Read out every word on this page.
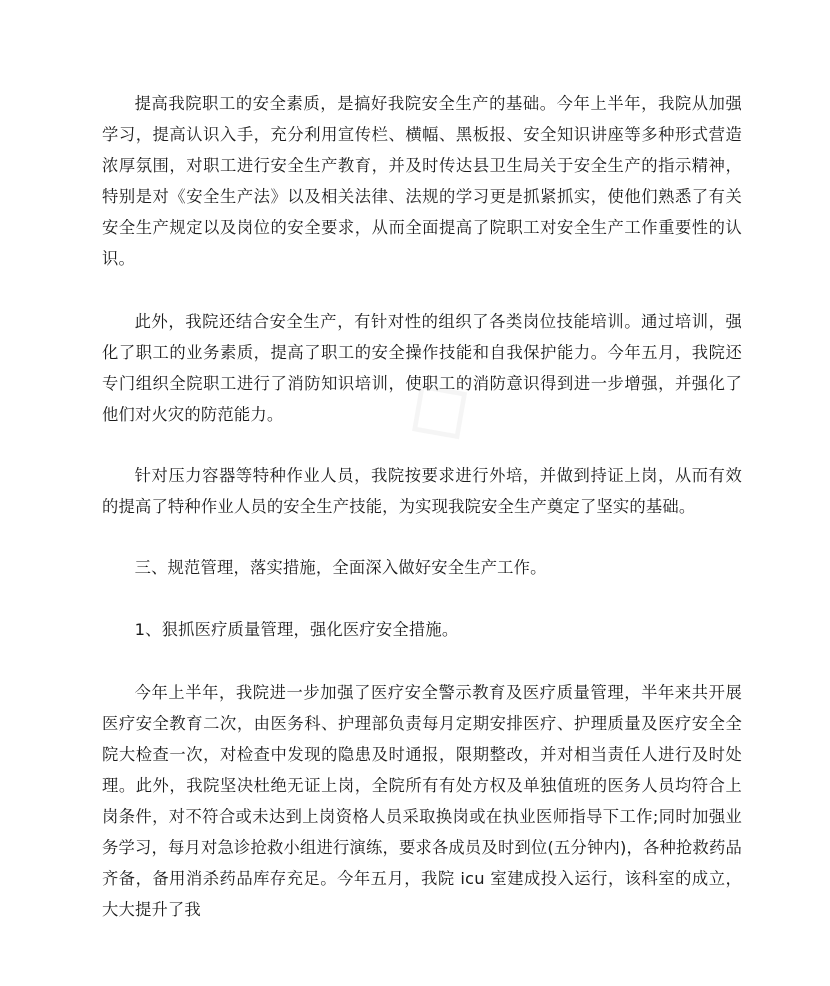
◇

提高我院职工的安全素质，是搞好我院安全生产的基础。今年上半年，我院从加强学习，提高认识入手，充分利用宣传栏、横幅、黑板报、安全知识讲座等多种形式营造浓厚氛围，对职工进行安全生产教育，并及时传达县卫生局关于安全生产的指示精神，特别是对《安全生产法》以及相关法律、法规的学习更是抓紧抓实，使他们熟悉了有关安全生产规定以及岗位的安全要求，从而全面提高了院职工对安全生产工作重要性的认识。

此外，我院还结合安全生产，有针对性的组织了各类岗位技能培训。通过培训，强化了职工的业务素质，提高了职工的安全操作技能和自我保护能力。今年五月，我院还专门组织全院职工进行了消防知识培训，使职工的消防意识得到进一步增强，并强化了他们对火灾的防范能力。

针对压力容器等特种作业人员，我院按要求进行外培，并做到持证上岗，从而有效的提高了特种作业人员的安全生产技能，为实现我院安全生产奠定了坚实的基础。

三、规范管理，落实措施，全面深入做好安全生产工作。

1、狠抓医疗质量管理，强化医疗安全措施。

今年上半年，我院进一步加强了医疗安全警示教育及医疗质量管理，半年来共开展医疗安全教育二次，由医务科、护理部负责每月定期安排医疗、护理质量及医疗安全全院大检查一次，对检查中发现的隐患及时通报，限期整改，并对相当责任人进行及时处理。此外，我院坚决杜绝无证上岗，全院所有有处方权及单独值班的医务人员均符合上岗条件，对不符合或未达到上岗资格人员采取换岗或在执业医师指导下工作;同时加强业务学习，每月对急诊抢救小组进行演练，要求各成员及时到位(五分钟内)，各种抢救药品齐备，备用消杀药品库存充足。今年五月，我院 icu 室建成投入运行，该科室的成立，大大提升了我
